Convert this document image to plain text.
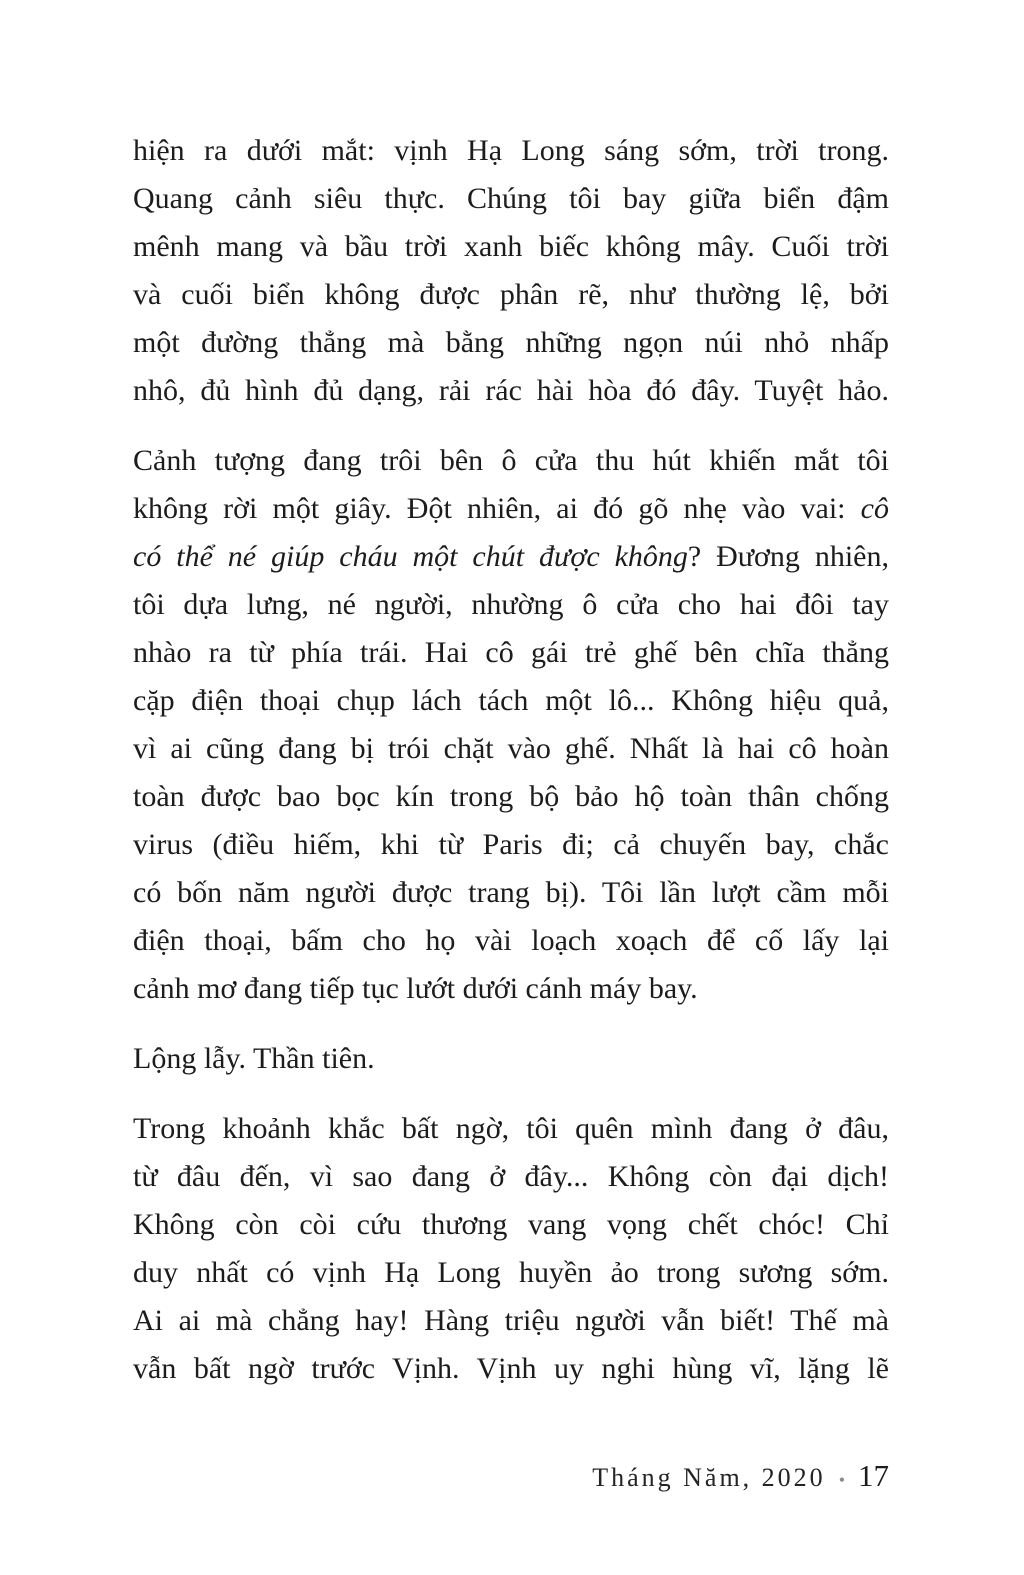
hiện ra dưới mắt: vịnh Hạ Long sáng sớm, trời trong.
Quang cảnh siêu thực. Chúng tôi bay giữa biển đậm
mênh mang và bầu trời xanh biếc không mây. Cuối trời
và cuối biển không được phân rẽ, như thường lệ, bởi
một đường thẳng mà bằng những ngọn núi nhỏ nhấp
nhô, đủ hình đủ dạng, rải rác hài hòa đó đây. Tuyệt hảo.
Cảnh tượng đang trôi bên ô cửa thu hút khiến mắt tôi
không rời một giây. Đột nhiên, ai đó gõ nhẹ vào vai: cô
có thể né giúp cháu một chút được không? Đương nhiên,
tôi dựa lưng, né người, nhường ô cửa cho hai đôi tay
nhào ra từ phía trái. Hai cô gái trẻ ghế bên chĩa thẳng
cặp điện thoại chụp lách tách một lô... Không hiệu quả,
vì ai cũng đang bị trói chặt vào ghế. Nhất là hai cô hoàn
toàn được bao bọc kín trong bộ bảo hộ toàn thân chống
virus (điều hiếm, khi từ Paris đi; cả chuyến bay, chắc
có bốn năm người được trang bị). Tôi lần lượt cầm mỗi
điện thoại, bấm cho họ vài loạch xoạch để cố lấy lại
cảnh mơ đang tiếp tục lướt dưới cánh máy bay.
Lộng lẫy. Thần tiên.
Trong khoảnh khắc bất ngờ, tôi quên mình đang ở đâu,
từ đâu đến, vì sao đang ở đây... Không còn đại dịch!
Không còn còi cứu thương vang vọng chết chóc! Chỉ
duy nhất có vịnh Hạ Long huyền ảo trong sương sớm.
Ai ai mà chẳng hay! Hàng triệu người vẫn biết! Thế mà
vẫn bất ngờ trước Vịnh. Vịnh uy nghi hùng vĩ, lặng lẽ
Tháng Năm, 2020 • 17
